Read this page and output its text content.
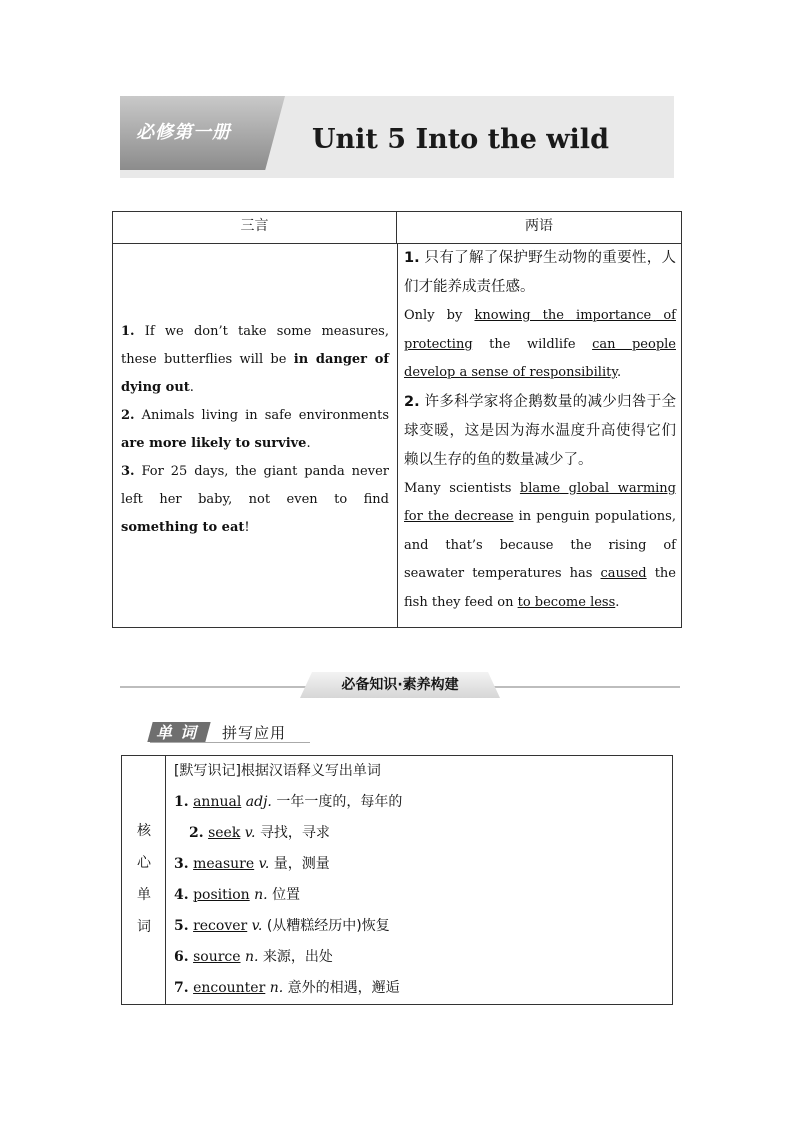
必修第一册	Unit 5 Into the wild
三言	两语

1. If we don’t take some measures, these butterflies will be in danger of dying out.

2. Animals living in safe environments are more likely to survive.

3. For 25 days, the giant panda never left her baby, not even to find something to eat!

1. 只有了解了保护野生动物的重要性，人们才能养成责任感。

Only by knowing the importance of protecting the wildlife can people develop a sense of responsibility.

2. 许多科学家将企鹅数量的减少归咎于全球变暖，这是因为海水温度升高使得它们赖以生存的鱼的数量减少了。

Many scientists blame global warming for the decrease in penguin populations, and that’s because the rising of seawater temperatures has caused the fish they feed on to become less.

必备知识·素养构建
单 词 拼写应用
核
心
单
词
[默写识记]根据汉语释义写出单词
1. annual adj. 一年一度的，每年的
2. seek v. 寻找，寻求
3. measure v. 量，测量
4. position n. 位置
5. recover v. (从糟糕经历中)恢复
6. source n. 来源，出处
7. encounter n. 意外的相遇，邂逅
